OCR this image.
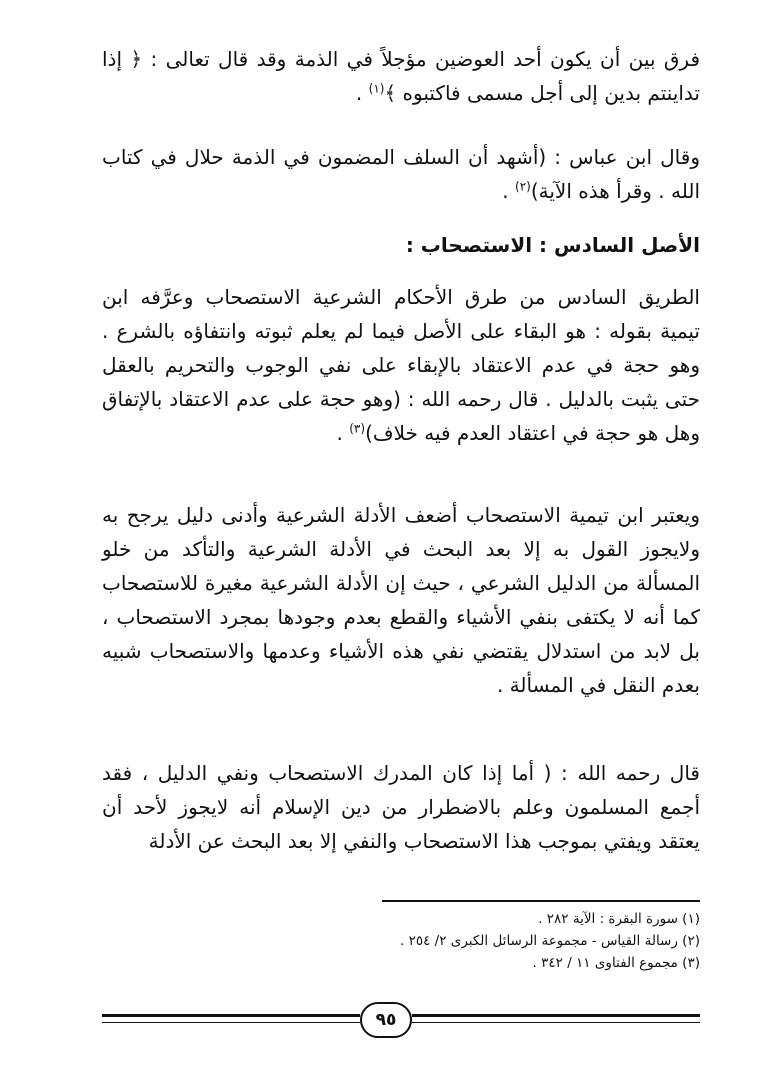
فرق بين أن يكون أحد العوضين مؤجلاً في الذمة وقد قال تعالى : ﴿ إذا تداينتم بدين إلى أجل مسمى فاكتبوه ﴾$^{(١)}$ .

وقال ابن عباس : (أشهد أن السلف المضمون في الذمة حلال في كتاب الله . وقرأ هذه الآية)$^{(٢)}$ .

الأصل السادس : الاستصحاب :

الطريق السادس من طرق الأحكام الشرعية الاستصحاب وعرَّفه ابن تيمية بقوله : هو البقاء على الأصل فيما لم يعلم ثبوته وانتفاؤه بالشرع . وهو حجة في عدم الاعتقاد بالإبقاء على نفي الوجوب والتحريم بالعقل حتى يثبت بالدليل . قال رحمه الله : (وهو حجة على عدم الاعتقاد بالإتفاق وهل هو حجة في اعتقاد العدم فيه خلاف)$^{(٣)}$ .

ويعتبر ابن تيمية الاستصحاب أضعف الأدلة الشرعية وأدنى دليل يرجح به ولايجوز القول به إلا بعد البحث في الأدلة الشرعية والتأكد من خلو المسألة من الدليل الشرعي ، حيث إن الأدلة الشرعية مغيرة للاستصحاب كما أنه لا يكتفى بنفي الأشياء والقطع بعدم وجودها بمجرد الاستصحاب ، بل لابد من استدلال يقتضي نفي هذه الأشياء وعدمها والاستصحاب شبيه بعدم النقل في المسألة .

قال رحمه الله : ( أما إذا كان المدرك الاستصحاب ونفي الدليل ، فقد أجمع المسلمون وعلم بالاضطرار من دين الإسلام أنه لايجوز لأحد أن يعتقد ويفتي بموجب هذا الاستصحاب والنفي إلا بعد البحث عن الأدلة

(١) سورة البقرة : الآية ٢٨٢ .
(٢) رسالة القياس - مجموعة الرسائل الكبرى ٢/ ٢٥٤ .
(٣) مجموع الفتاوى ١١ / ٣٤٢ .
٩٥
